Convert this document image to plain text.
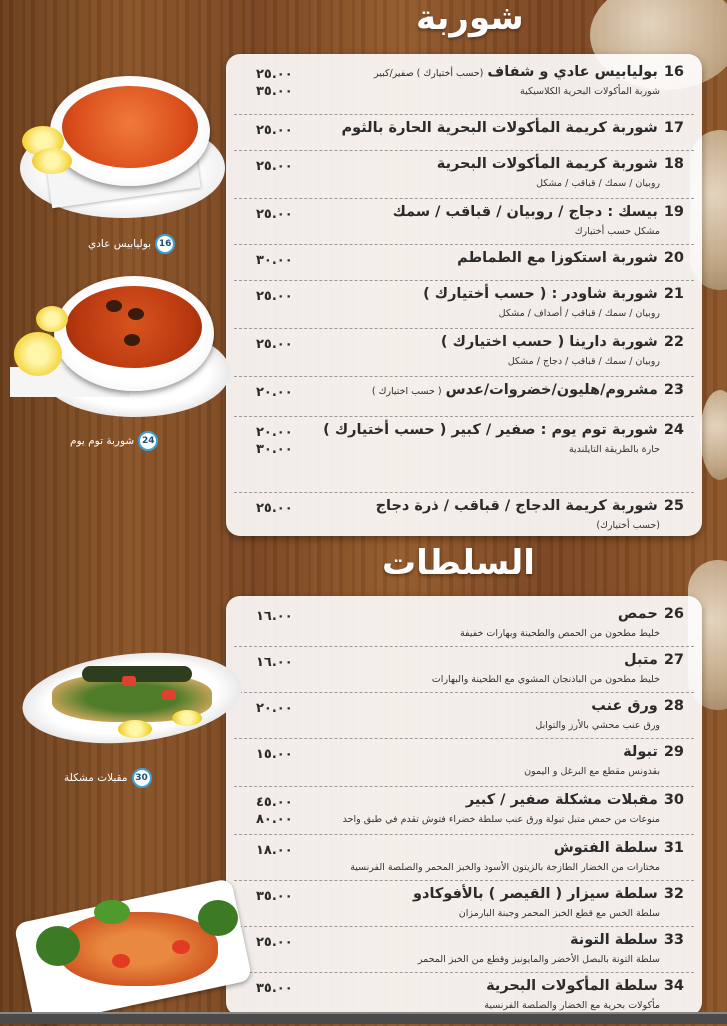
شوربة
16بولیابیس عادي و شفاف(حسب أختيارك ) صفير/كبير
شوربة المأكولات البحرية الكلاسيكية
٢٥.٠٠
٣٥.٠٠
17شوربة كريمة المأكولات البحرية الحارة بالثوم
٢٥.٠٠
18شوربة كريمة المأكولات البحرية
روبيان / سمك / قباقب / مشكل
٢٥.٠٠
19بيسك : دجاج / روبيان / قباقب / سمك
مشكل حسب أختيارك
٢٥.٠٠
20شوربة استكوزا مع الطماطم
٣٠.٠٠
21شوربة شاودر : ( حسب أختيارك )
روبيان / سمك / قباقب / أصداف / مشكل
٢٥.٠٠
22شوربة دارينا ( حسب اختيارك )
روبيان / سمك / قباقب / دجاج / مشكل
٢٥.٠٠
23مشروم/هليون/خضروات/عدس( حسب اختيارك )
٢٠.٠٠
24شوربة توم يوم : صفير / كبير ( حسب أختيارك )
حارة بالطريقة التايلندية
٢٠.٠٠
٣٠.٠٠
25شوربة كريمة الدجاج / قباقب / ذرة دجاج
(حسب أختيارك)
٢٥.٠٠
السلطات
26حمص
خليط مطحون من الحمص والطحينة وبهارات خفيفة
١٦.٠٠
27متبل
خليط مطحون من الباذنجان المشوي مع الطحينة والبهارات
١٦.٠٠
28ورق عنب
ورق عنب محشي بالأرز والتوابل
٢٠.٠٠
29تبولة
بقدونس مقطع مع البرغل و اليمون
١٥.٠٠
30مقبلات مشكلة صفير / كبير
منوعات من حمص متبل تبولة ورق عنب سلطة خضراء فتوش تقدم في طبق واحد
٤٥.٠٠
٨٠.٠٠
31سلطة الفتوش
مختارات من الخضار الطازجة بالزيتون الأسود والخبز المحمر والصلصة الفرنسية
١٨.٠٠
32سلطة سيزار ( القيصر ) بالأفوكادو
سلطة الخس مع قطع الخبز المحمر وجبنة البارمزان
٣٥.٠٠
33سلطة التونة
سلطة التونة بالبصل الأخضر والمايونيز وقطع من الخبز المحمر
٢٥.٠٠
34سلطة المأكولات البحرية
مأكولات بحرية مع الخضار والصلصة الفرنسية
٣٥.٠٠
16
بولیابیس عادي
24
شوربة توم يوم
30
مقبلات مشكلة
